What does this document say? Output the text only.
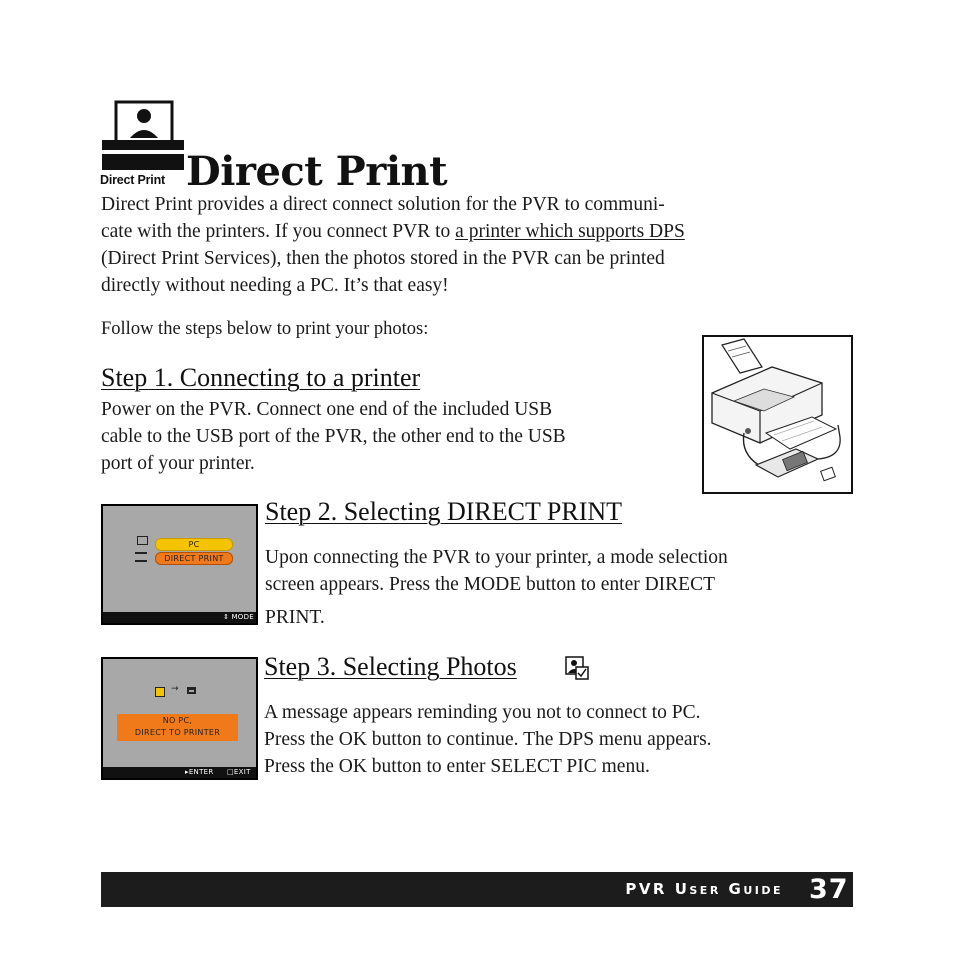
Direct Print Direct Print
Direct Print provides a direct connect solution for the PVR to communi-
cate with the printers. If you connect PVR to a printer which supports DPS
(Direct Print Services), then the photos stored in the PVR can be printed
directly without needing a PC. It’s that easy!
Follow the steps below to print your photos:
Step 1. Connecting to a printer
Power on the PVR. Connect one end of the included USB
cable to the USB port of the PVR, the other end to the USB
port of your printer.
PC
DIRECT PRINT
MODE
⇕
Step 2. Selecting DIRECT PRINT
Upon connecting the PVR to your printer, a mode selection
screen appears. Press the MODE button to enter DIRECT
PRINT.
→
NO PC,
DIRECT TO PRINTER
▸ENTER □EXIT
Step 3. Selecting Photos
A message appears reminding you not to connect to PC.
Press the OK button to continue. The DPS menu appears.
Press the OK button to enter SELECT PIC menu.
PVR User Guide 37
